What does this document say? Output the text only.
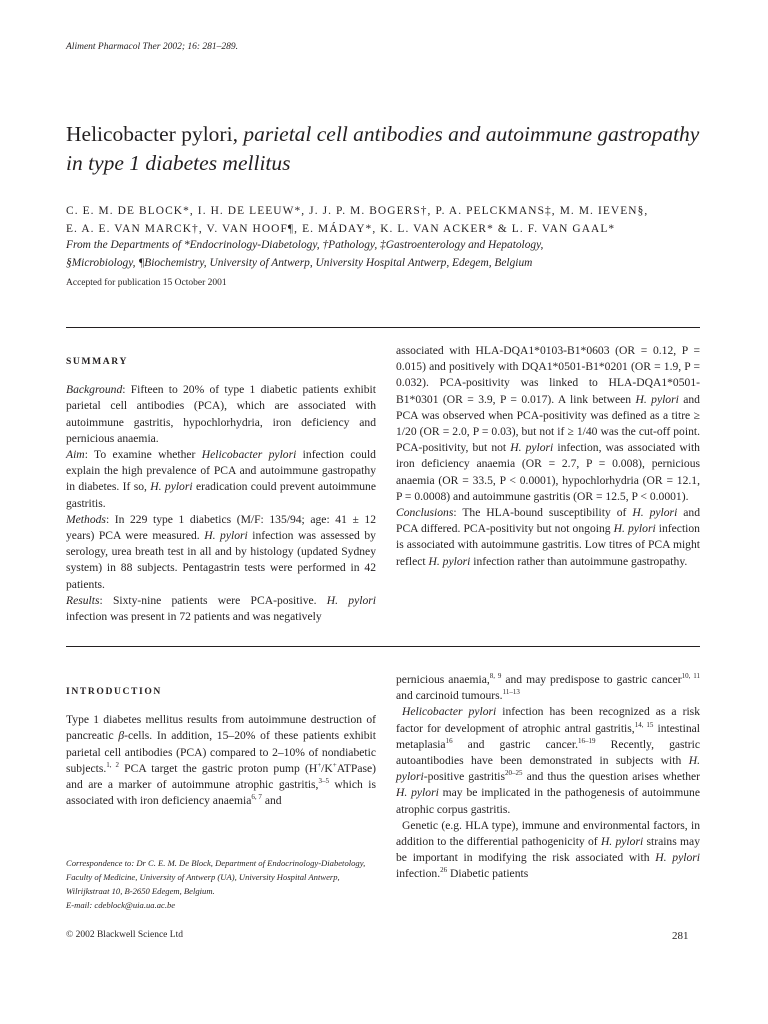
Aliment Pharmacol Ther 2002; 16: 281–289.
Helicobacter pylori, parietal cell antibodies and autoimmune gastropathy in type 1 diabetes mellitus
C. E. M. DE BLOCK*, I. H. DE LEEUW*, J. J. P. M. BOGERS†, P. A. PELCKMANS‡, M. M. IEVEN§,
E. A. E. VAN MARCK†, V. VAN HOOF¶, E. MÁDAY*, K. L. VAN ACKER* & L. F. VAN GAAL*
From the Departments of *Endocrinology-Diabetology, †Pathology, ‡Gastroenterology and Hepatology,
§Microbiology, ¶Biochemistry, University of Antwerp, University Hospital Antwerp, Edegem, Belgium
Accepted for publication 15 October 2001
SUMMARY

Background: Fifteen to 20% of type 1 diabetic patients exhibit parietal cell antibodies (PCA), which are associated with autoimmune gastritis, hypochlorhydria, iron deficiency and pernicious anaemia.

Aim: To examine whether Helicobacter pylori infection could explain the high prevalence of PCA and autoimmune gastropathy in diabetes. If so, H. pylori eradication could prevent autoimmune gastritis.

Methods: In 229 type 1 diabetics (M/F: 135/94; age: 41 ± 12 years) PCA were measured. H. pylori infection was assessed by serology, urea breath test in all and by histology (updated Sydney system) in 88 subjects. Pentagastrin tests were performed in 42 patients.

Results: Sixty-nine patients were PCA-positive. H. pylori infection was present in 72 patients and was negatively

associated with HLA-DQA1*0103-B1*0603 (OR = 0.12, P = 0.015) and positively with DQA1*0501-B1*0201 (OR = 1.9, P = 0.032). PCA-positivity was linked to HLA-DQA1*0501-B1*0301 (OR = 3.9, P = 0.017). A link between H. pylori and PCA was observed when PCA-positivity was defined as a titre ≥ 1/20 (OR = 2.0, P = 0.03), but not if ≥ 1/40 was the cut-off point. PCA-positivity, but not H. pylori infection, was associated with iron deficiency anaemia (OR = 2.7, P = 0.008), pernicious anaemia (OR = 33.5, P < 0.0001), hypochlorhydria (OR = 12.1, P = 0.0008) and autoimmune gastritis (OR = 12.5, P < 0.0001).

Conclusions: The HLA-bound susceptibility of H. pylori and PCA differed. PCA-positivity but not ongoing H. pylori infection is associated with autoimmune gastritis. Low titres of PCA might reflect H. pylori infection rather than autoimmune gastropathy.

INTRODUCTION

Type 1 diabetes mellitus results from autoimmune destruction of pancreatic β-cells. In addition, 15–20% of these patients exhibit parietal cell antibodies (PCA) compared to 2–10% of nondiabetic subjects.$^{1, 2}$ PCA target the gastric proton pump (H+/K+ATPase) and are a marker of autoimmune atrophic gastritis,$^{3-5}$ which is associated with iron deficiency anaemia$^{6, 7}$ and

pernicious anaemia,$^{8, 9}$ and may predispose to gastric cancer$^{10, 11}$ and carcinoid tumours.$^{11-13}$

Helicobacter pylori infection has been recognized as a risk factor for development of atrophic antral gastritis,$^{14, 15}$ intestinal metaplasia$^{16}$ and gastric cancer.$^{16-19}$ Recently, gastric autoantibodies have been demonstrated in subjects with H. pylori-positive gastritis$^{20-25}$ and thus the question arises whether H. pylori may be implicated in the pathogenesis of autoimmune atrophic corpus gastritis.

Genetic (e.g. HLA type), immune and environmental factors, in addition to the differential pathogenicity of H. pylori strains may be important in modifying the risk associated with H. pylori infection.$^{26}$ Diabetic patients

Correspondence to: Dr C. E. M. De Block, Department of Endocrinology-Diabetology, Faculty of Medicine, University of Antwerp (UA), University Hospital Antwerp, Wilrijkstraat 10, B-2650 Edegem, Belgium.
E-mail: cdeblock@uia.ua.ac.be
© 2002 Blackwell Science Ltd	281
